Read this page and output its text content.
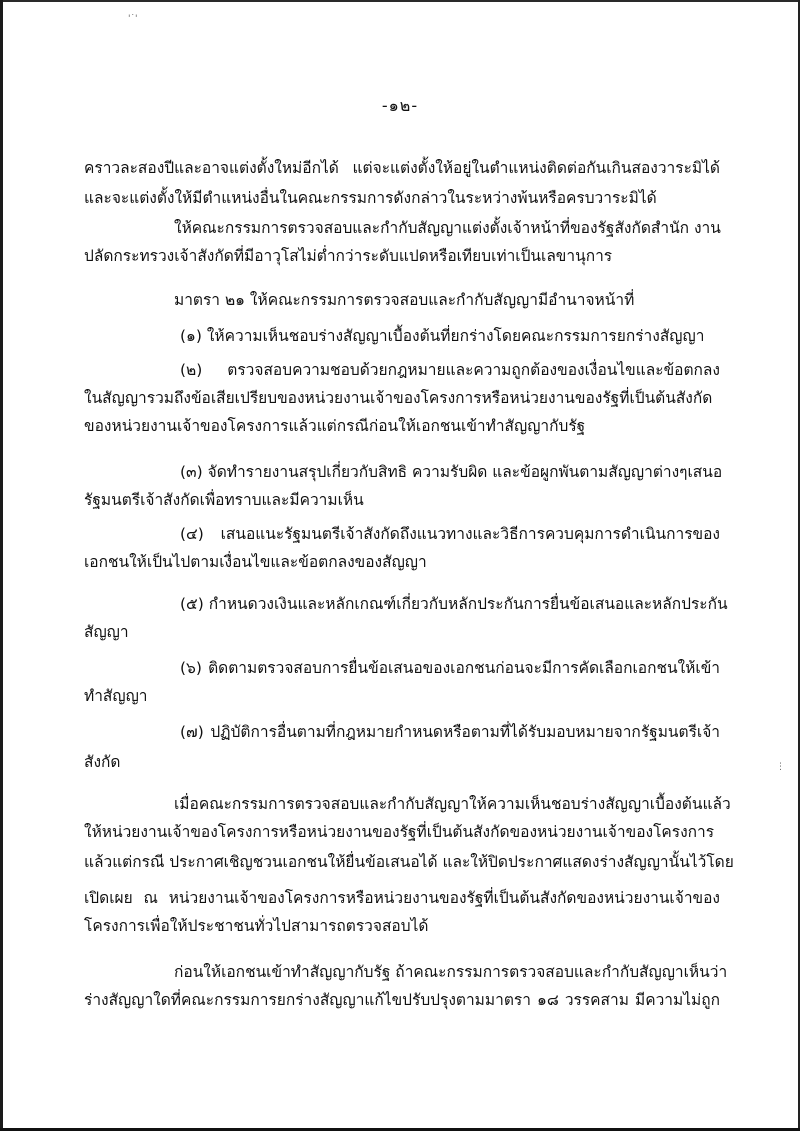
'˙'
⋮
-๑๒-
คราวละสองปีและอาจแต่งตั้งใหม่อีกได้ แต่จะแต่งตั้งให้อยู่ในตำแหน่งติดต่อกันเกินสองวาระมิได้
และจะแต่งตั้งให้มีตำแหน่งอื่นในคณะกรรมการดังกล่าวในระหว่างพ้นหรือครบวาระมิได้
ให้คณะกรรมการตรวจสอบและกำกับสัญญาแต่งตั้งเจ้าหน้าที่ของรัฐสังกัดสำนัก งาน
ปลัดกระทรวงเจ้าสังกัดที่มีอาวุโสไม่ต่ำกว่าระดับแปดหรือเทียบเท่าเป็นเลขานุการ
มาตรา ๒๑ ให้คณะกรรมการตรวจสอบและกำกับสัญญามีอำนาจหน้าที่
(๑) ให้ความเห็นชอบร่างสัญญาเบื้องต้นที่ยกร่างโดยคณะกรรมการยกร่างสัญญา
(๒) ตรวจสอบความชอบด้วยกฎหมายและความถูกต้องของเงื่อนไขและข้อตกลง
ในสัญญารวมถึงข้อเสียเปรียบของหน่วยงานเจ้าของโครงการหรือหน่วยงานของรัฐที่เป็นต้นสังกัด
ของหน่วยงานเจ้าของโครงการแล้วแต่กรณีก่อนให้เอกชนเข้าทำสัญญากับรัฐ
(๓) จัดทำรายงานสรุปเกี่ยวกับสิทธิ ความรับผิด และข้อผูกพันตามสัญญาต่างๆเสนอ
รัฐมนตรีเจ้าสังกัดเพื่อทราบและมีความเห็น
(๔) เสนอแนะรัฐมนตรีเจ้าสังกัดถึงแนวทางและวิธีการควบคุมการดำเนินการของ
เอกชนให้เป็นไปตามเงื่อนไขและข้อตกลงของสัญญา
(๕) กำหนดวงเงินและหลักเกณฑ์เกี่ยวกับหลักประกันการยื่นข้อเสนอและหลักประกัน
สัญญา
(๖) ติดตามตรวจสอบการยื่นข้อเสนอของเอกชนก่อนจะมีการคัดเลือกเอกชนให้เข้า
ทำสัญญา
(๗) ปฏิบัติการอื่นตามที่กฎหมายกำหนดหรือตามที่ได้รับมอบหมายจากรัฐมนตรีเจ้า
สังกัด
เมื่อคณะกรรมการตรวจสอบและกำกับสัญญาให้ความเห็นชอบร่างสัญญาเบื้องต้นแล้ว
ให้หน่วยงานเจ้าของโครงการหรือหน่วยงานของรัฐที่เป็นต้นสังกัดของหน่วยงานเจ้าของโครงการ
แล้วแต่กรณี ประกาศเชิญชวนเอกชนให้ยื่นข้อเสนอได้ และให้ปิดประกาศแสดงร่างสัญญานั้นไว้โดย
เปิดเผย ณ หน่วยงานเจ้าของโครงการหรือหน่วยงานของรัฐที่เป็นต้นสังกัดของหน่วยงานเจ้าของ
โครงการเพื่อให้ประชาชนทั่วไปสามารถตรวจสอบได้
ก่อนให้เอกชนเข้าทำสัญญากับรัฐ ถ้าคณะกรรมการตรวจสอบและกำกับสัญญาเห็นว่า
ร่างสัญญาใดที่คณะกรรมการยกร่างสัญญาแก้ไขปรับปรุงตามมาตรา ๑๘ วรรคสาม มีความไม่ถูก
